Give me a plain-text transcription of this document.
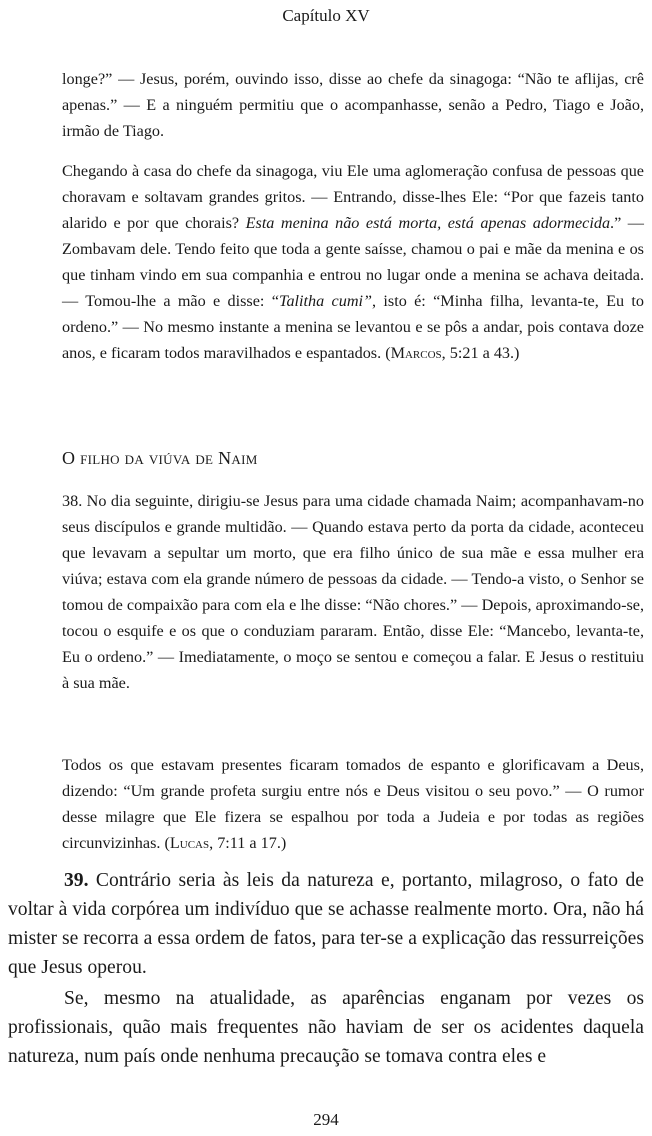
Capítulo XV

longe?” — Jesus, porém, ouvindo isso, disse ao chefe da sinagoga: “Não te aflijas, crê apenas.” — E a ninguém permitiu que o acompanhasse, senão a Pedro, Tiago e João, irmão de Tiago.

Chegando à casa do chefe da sinagoga, viu Ele uma aglomeração confusa de pessoas que choravam e soltavam grandes gritos. — Entrando, disse-lhes Ele: “Por que fazeis tanto alarido e por que chorais? Esta menina não está morta, está apenas adormecida.” — Zombavam dele. Tendo feito que toda a gente saísse, chamou o pai e mãe da menina e os que tinham vindo em sua companhia e entrou no lugar onde a menina se achava deitada. — Tomou-lhe a mão e disse: “Talitha cumi”, isto é: “Minha filha, levanta-te, Eu to ordeno.” — No mesmo instante a menina se levantou e se pôs a andar, pois contava doze anos, e ficaram todos maravilhados e espantados. (Marcos, 5:21 a 43.)

O filho da viúva de Naim

38. No dia seguinte, dirigiu-se Jesus para uma cidade chamada Naim; acompanhavam-no seus discípulos e grande multidão. — Quando estava perto da porta da cidade, aconteceu que levavam a sepultar um morto, que era filho único de sua mãe e essa mulher era viúva; estava com ela grande número de pessoas da cidade. — Tendo-a visto, o Senhor se tomou de compaixão para com ela e lhe disse: “Não chores.” — Depois, aproximando-se, tocou o esquife e os que o conduziam pararam. Então, disse Ele: “Mancebo, levanta-te, Eu o ordeno.” — Imediatamente, o moço se sentou e começou a falar. E Jesus o restituiu à sua mãe.

Todos os que estavam presentes ficaram tomados de espanto e glorificavam a Deus, dizendo: “Um grande profeta surgiu entre nós e Deus visitou o seu povo.” — O rumor desse milagre que Ele fizera se espalhou por toda a Judeia e por todas as regiões circunvizinhas. (Lucas, 7:11 a 17.)

39. Contrário seria às leis da natureza e, portanto, milagroso, o fato de voltar à vida corpórea um indivíduo que se achasse realmente morto. Ora, não há mister se recorra a essa ordem de fatos, para ter-se a explicação das ressurreições que Jesus operou.

Se, mesmo na atualidade, as aparências enganam por vezes os profissionais, quão mais frequentes não haviam de ser os acidentes daquela natureza, num país onde nenhuma precaução se tomava contra eles e

294
